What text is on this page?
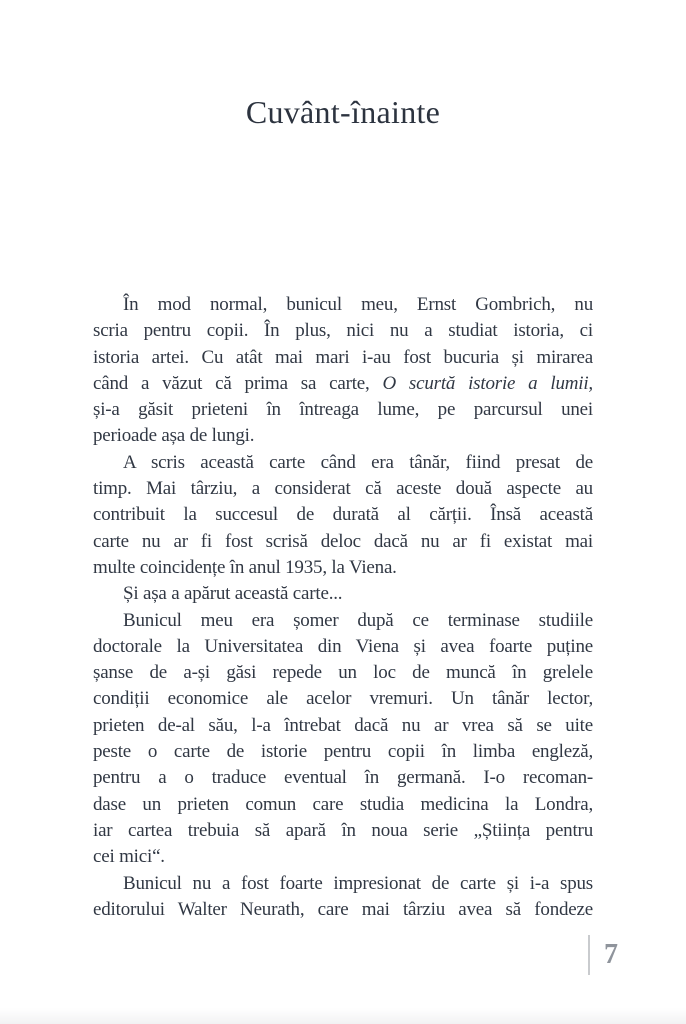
Cuvânt-înainte
În mod normal, bunicul meu, Ernst Gombrich, nu
scria pentru copii. În plus, nici nu a studiat istoria, ci
istoria artei. Cu atât mai mari i-au fost bucuria și mirarea
când a văzut că prima sa carte, O scurtă istorie a lumii,
și-a găsit prieteni în întreaga lume, pe parcursul unei
perioade așa de lungi.
A scris această carte când era tânăr, fiind presat de
timp. Mai târziu, a considerat că aceste două aspecte au
contribuit la succesul de durată al cărții. Însă această
carte nu ar fi fost scrisă deloc dacă nu ar fi existat mai
multe coincidențe în anul 1935, la Viena.
Și așa a apărut această carte...
Bunicul meu era șomer după ce terminase studiile
doctorale la Universitatea din Viena și avea foarte puține
șanse de a-și găsi repede un loc de muncă în grelele
condiții economice ale acelor vremuri. Un tânăr lector,
prieten de-al său, l-a întrebat dacă nu ar vrea să se uite
peste o carte de istorie pentru copii în limba engleză,
pentru a o traduce eventual în germană. I-o recoman-
dase un prieten comun care studia medicina la Londra,
iar cartea trebuia să apară în noua serie „Știința pentru
cei mici“.
Bunicul nu a fost foarte impresionat de carte și i-a spus
editorului Walter Neurath, care mai târziu avea să fondeze
7
